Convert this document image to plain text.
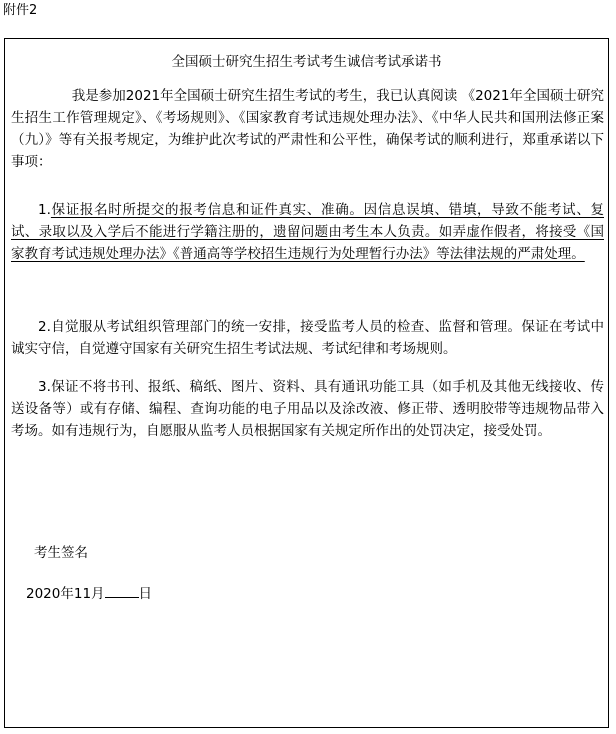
附件2
全国硕士研究生招生考试考生诚信考试承诺书

我是参加2021年全国硕士研究生招生考试的考生，我已认真阅读 《2021年全国硕士研究生招生工作管理规定》、《考场规则》、《国家教育考试违规处理办法》、《中华人民共和国刑法修正案（九）》等有关报考规定，为维护此次考试的严肃性和公平性，确保考试的顺利进行，郑重承诺以下事项：

1.保证报名时所提交的报考信息和证件真实、准确。因信息误填、错填，导致不能考试、复试、录取以及入学后不能进行学籍注册的，遗留问题由考生本人负责。如弄虚作假者，将接受《国家教育考试违规处理办法》《普通高等学校招生违规行为处理暂行办法》等法律法规的严肃处理。

2.自觉服从考试组织管理部门的统一安排，接受监考人员的检查、监督和管理。保证在考试中诚实守信，自觉遵守国家有关研究生招生考试法规、考试纪律和考场规则。

3.保证不将书刊、报纸、稿纸、图片、资料、具有通讯功能工具（如手机及其他无线接收、传送设备等）或有存储、编程、查询功能的电子用品以及涂改液、修正带、透明胶带等违规物品带入考场。如有违规行为，自愿服从监考人员根据国家有关规定所作出的处罚决定，接受处罚。

考生签名
2020年11月	日
